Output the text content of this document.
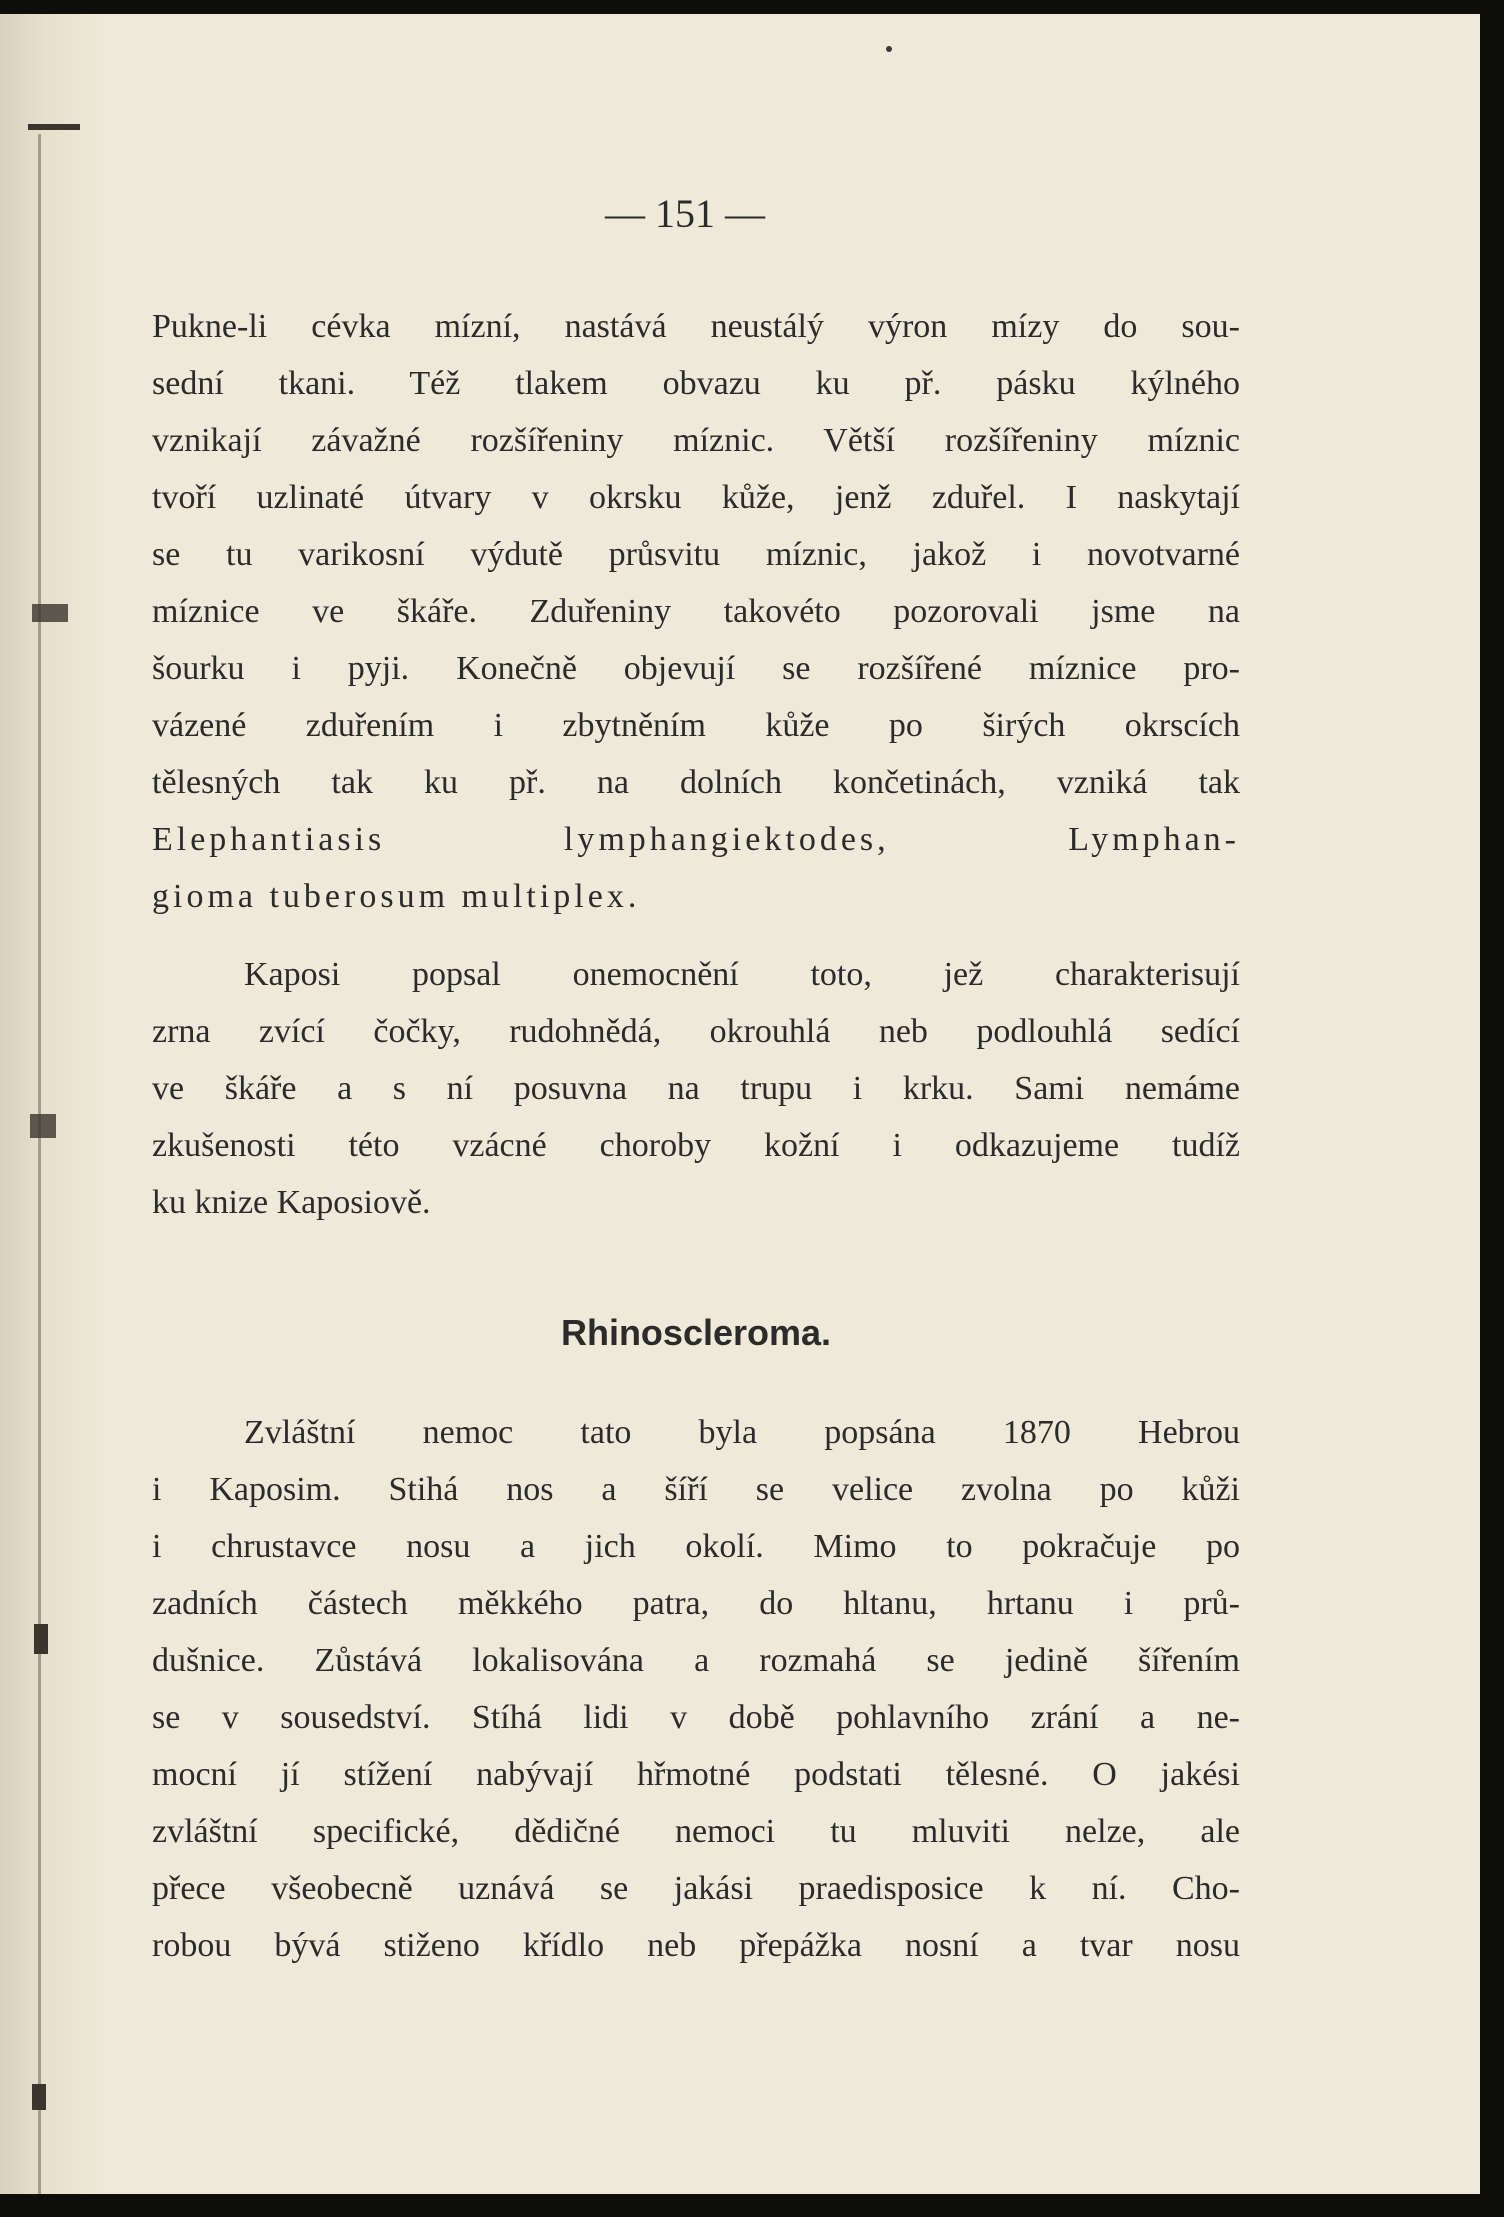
— 151 —
Pukne-li cévka mízní, nastává neustálý výron mízy do sou-
sední tkani. Též tlakem obvazu ku př. pásku kýlného
vznikají závažné rozšířeniny míznic. Větší rozšířeniny míznic
tvoří uzlinaté útvary v okrsku kůže, jenž zduřel. I naskytají
se tu varikosní výdutě průsvitu míznic, jakož i novotvarné
míznice ve škáře. Zduřeniny takovéto pozorovali jsme na
šourku i pyji. Konečně objevují se rozšířené míznice pro-
vázené zduřením i zbytněním kůže po širých okrscích
tělesných tak ku př. na dolních končetinách, vzniká tak
Elephantiasis lymphangiektodes, Lymphan-
gioma tuberosum multiplex.
Kaposi popsal onemocnění toto, jež charakterisují
zrna zvící čočky, rudohnědá, okrouhlá neb podlouhlá sedící
ve škáře a s ní posuvna na trupu i krku. Sami nemáme
zkušenosti této vzácné choroby kožní i odkazujeme tudíž
ku knize Kaposiově.
Rhinoscleroma.
Zvláštní nemoc tato byla popsána 1870 Hebrou
i Kaposim. Stihá nos a šíří se velice zvolna po kůži
i chrustavce nosu a jich okolí. Mimo to pokračuje po
zadních částech měkkého patra, do hltanu, hrtanu i prů-
dušnice. Zůstává lokalisována a rozmahá se jedině šířením
se v sousedství. Stíhá lidi v době pohlavního zrání a ne-
mocní jí stížení nabývají hřmotné podstati tělesné. O jakési
zvláštní specifické, dědičné nemoci tu mluviti nelze, ale
přece všeobecně uznává se jakási praedisposice k ní. Cho-
robou bývá stiženo křídlo neb přepážka nosní a tvar nosu
